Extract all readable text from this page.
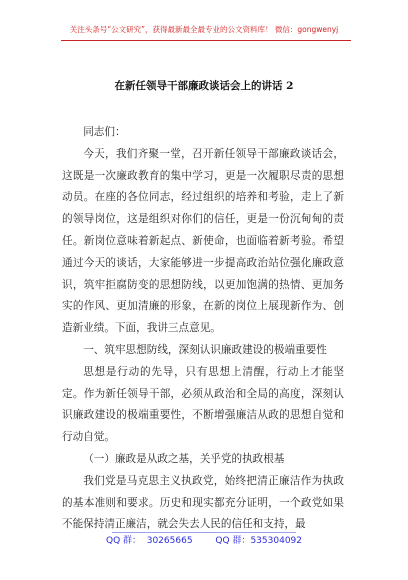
关注头条号“公文研究”，获得最新最全最专业的公文资料库！ 微信：gongwenyj
在新任领导干部廉政谈话会上的讲话 2

同志们：

今天，我们齐聚一堂，召开新任领导干部廉政谈话会，这既是一次廉政教育的集中学习，更是一次履职尽责的思想动员。在座的各位同志，经过组织的培养和考验，走上了新的领导岗位，这是组织对你们的信任，更是一份沉甸甸的责任。新岗位意味着新起点、新使命，也面临着新考验。希望通过今天的谈话，大家能够进一步提高政治站位强化廉政意识，筑牢拒腐防变的思想防线，以更加饱满的热情、更加务实的作风、更加清廉的形象，在新的岗位上展现新作为、创造新业绩。下面，我讲三点意见。

一、筑牢思想防线，深刻认识廉政建设的极端重要性

思想是行动的先导，只有思想上清醒，行动上才能坚定。作为新任领导干部，必须从政治和全局的高度，深刻认识廉政建设的极端重要性，不断增强廉洁从政的思想自觉和行动自觉。

（一）廉政是从政之基，关乎党的执政根基

我们党是马克思主义执政党，始终把清正廉洁作为执政的基本准则和要求。历史和现实都充分证明，一个政党如果不能保持清正廉洁，就会失去人民的信任和支持，最

QQ 群：  30265665        QQ 群：535304092
